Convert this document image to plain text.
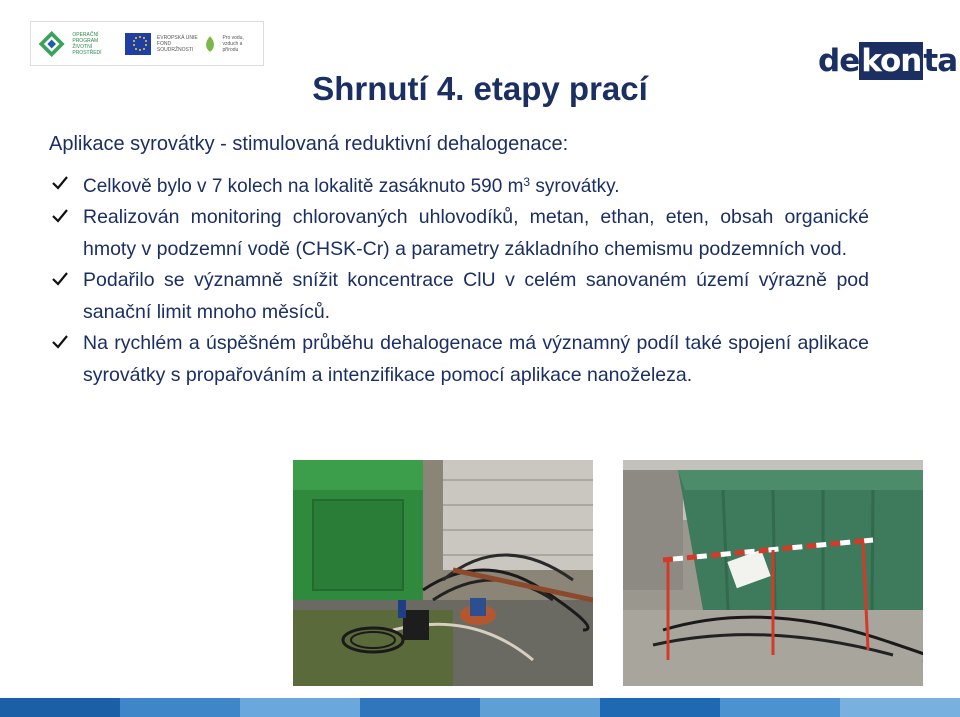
OPERAČNÍ PROGRAM ŽIVOTNÍ PROSTŘEDÍ
EVROPSKÁ UNIE FOND SOUDRŽNOSTI
Pro vodu, vzduch a přírodu	de kon ta
Shrnutí 4. etapy prací
Aplikace syrovátky - stimulovaná reduktivní dehalogenace:
Celkově bylo v 7 kolech na lokalitě zasáknuto 590 $m^3$ syrovátky.
Realizován monitoring chlorovaných uhlovodíků, metan, ethan, eten, obsah organické hmoty v podzemní vodě (CHSK-Cr) a parametry základního chemismu podzemních vod.
Podařilo se významně snížit koncentrace ClU v celém sanovaném území výrazně pod sanační limit mnoho měsíců.
Na rychlém a úspěšném průběhu dehalogenace má významný podíl také spojení aplikace syrovátky s propařováním a intenzifikace pomocí aplikace nanoželeza.
